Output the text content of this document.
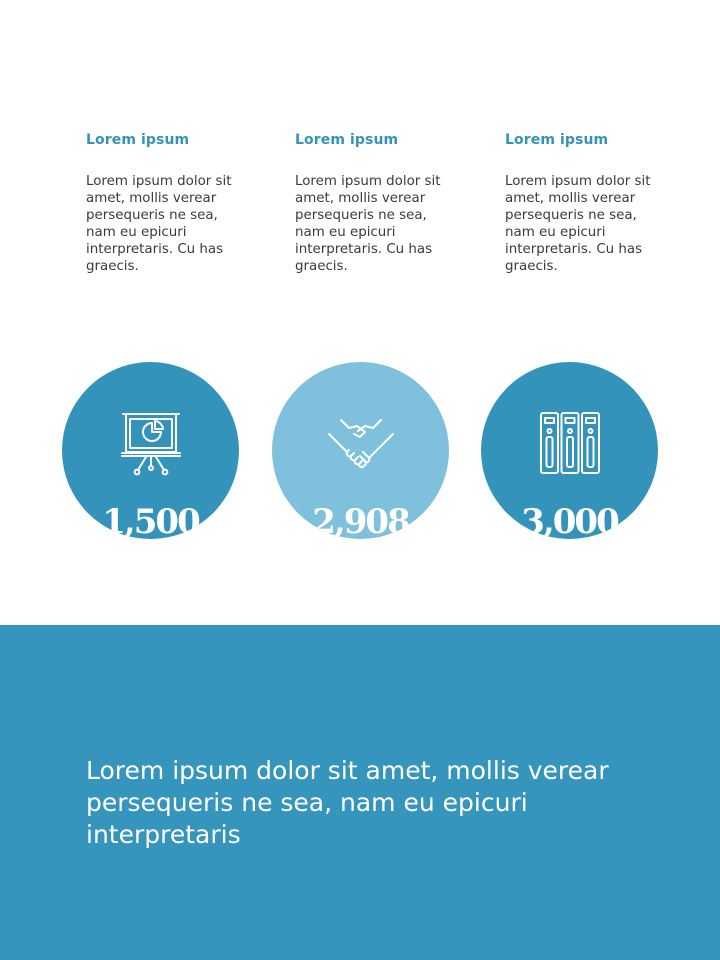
Lorem ipsum
Lorem ipsum dolor sit amet, mollis verear persequeris ne sea, nam eu epicuri interpretaris. Cu has graecis.
Lorem ipsum
Lorem ipsum dolor sit amet, mollis verear persequeris ne sea, nam eu epicuri interpretaris. Cu has graecis.
Lorem ipsum
Lorem ipsum dolor sit amet, mollis verear persequeris ne sea, nam eu epicuri interpretaris. Cu has graecis.
1,500	2,908	3,000
Lorem ipsum dolor sit amet, mollis verear persequeris ne sea, nam eu epicuri interpretaris
